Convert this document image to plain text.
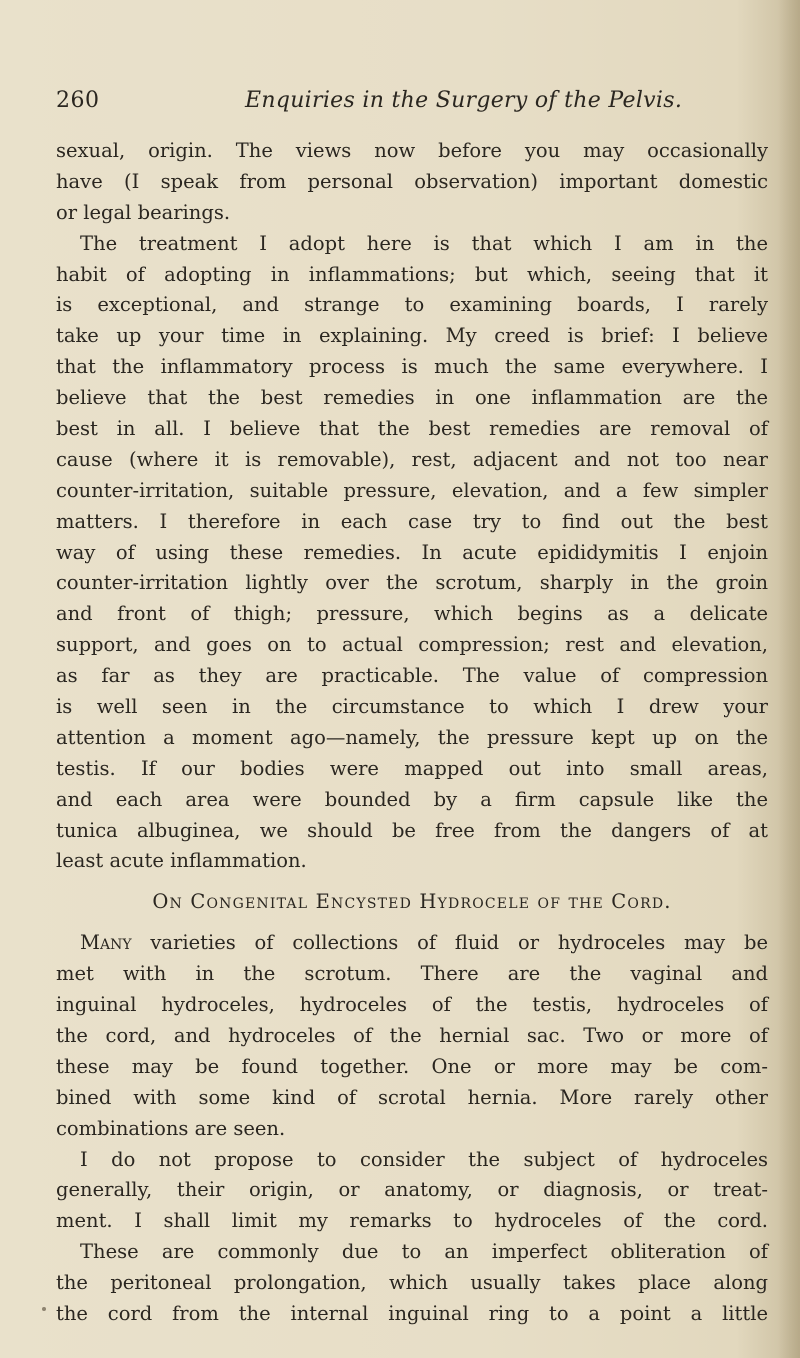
260	Enquiries in the Surgery of the Pelvis.
sexual, origin. The views now before you may occasionally
have (I speak from personal observation) important domestic
or legal bearings.
The treatment I adopt here is that which I am in the
habit of adopting in inflammations; but which, seeing that it
is exceptional, and strange to examining boards, I rarely
take up your time in explaining. My creed is brief: I believe
that the inflammatory process is much the same everywhere. I
believe that the best remedies in one inflammation are the
best in all. I believe that the best remedies are removal of
cause (where it is removable), rest, adjacent and not too near
counter-irritation, suitable pressure, elevation, and a few simpler
matters. I therefore in each case try to find out the best
way of using these remedies. In acute epididymitis I enjoin
counter-irritation lightly over the scrotum, sharply in the groin
and front of thigh; pressure, which begins as a delicate
support, and goes on to actual compression; rest and elevation,
as far as they are practicable. The value of compression
is well seen in the circumstance to which I drew your
attention a moment ago—namely, the pressure kept up on the
testis. If our bodies were mapped out into small areas,
and each area were bounded by a firm capsule like the
tunica albuginea, we should be free from the dangers of at
least acute inflammation.
On Congenital Encysted Hydrocele of the Cord.
Many varieties of collections of fluid or hydroceles may be
met with in the scrotum. There are the vaginal and
inguinal hydroceles, hydroceles of the testis, hydroceles of
the cord, and hydroceles of the hernial sac. Two or more of
these may be found together. One or more may be com-
bined with some kind of scrotal hernia. More rarely other
combinations are seen.
I do not propose to consider the subject of hydroceles
generally, their origin, or anatomy, or diagnosis, or treat-
ment. I shall limit my remarks to hydroceles of the cord.
These are commonly due to an imperfect obliteration of
the peritoneal prolongation, which usually takes place along
the cord from the internal inguinal ring to a point a little
